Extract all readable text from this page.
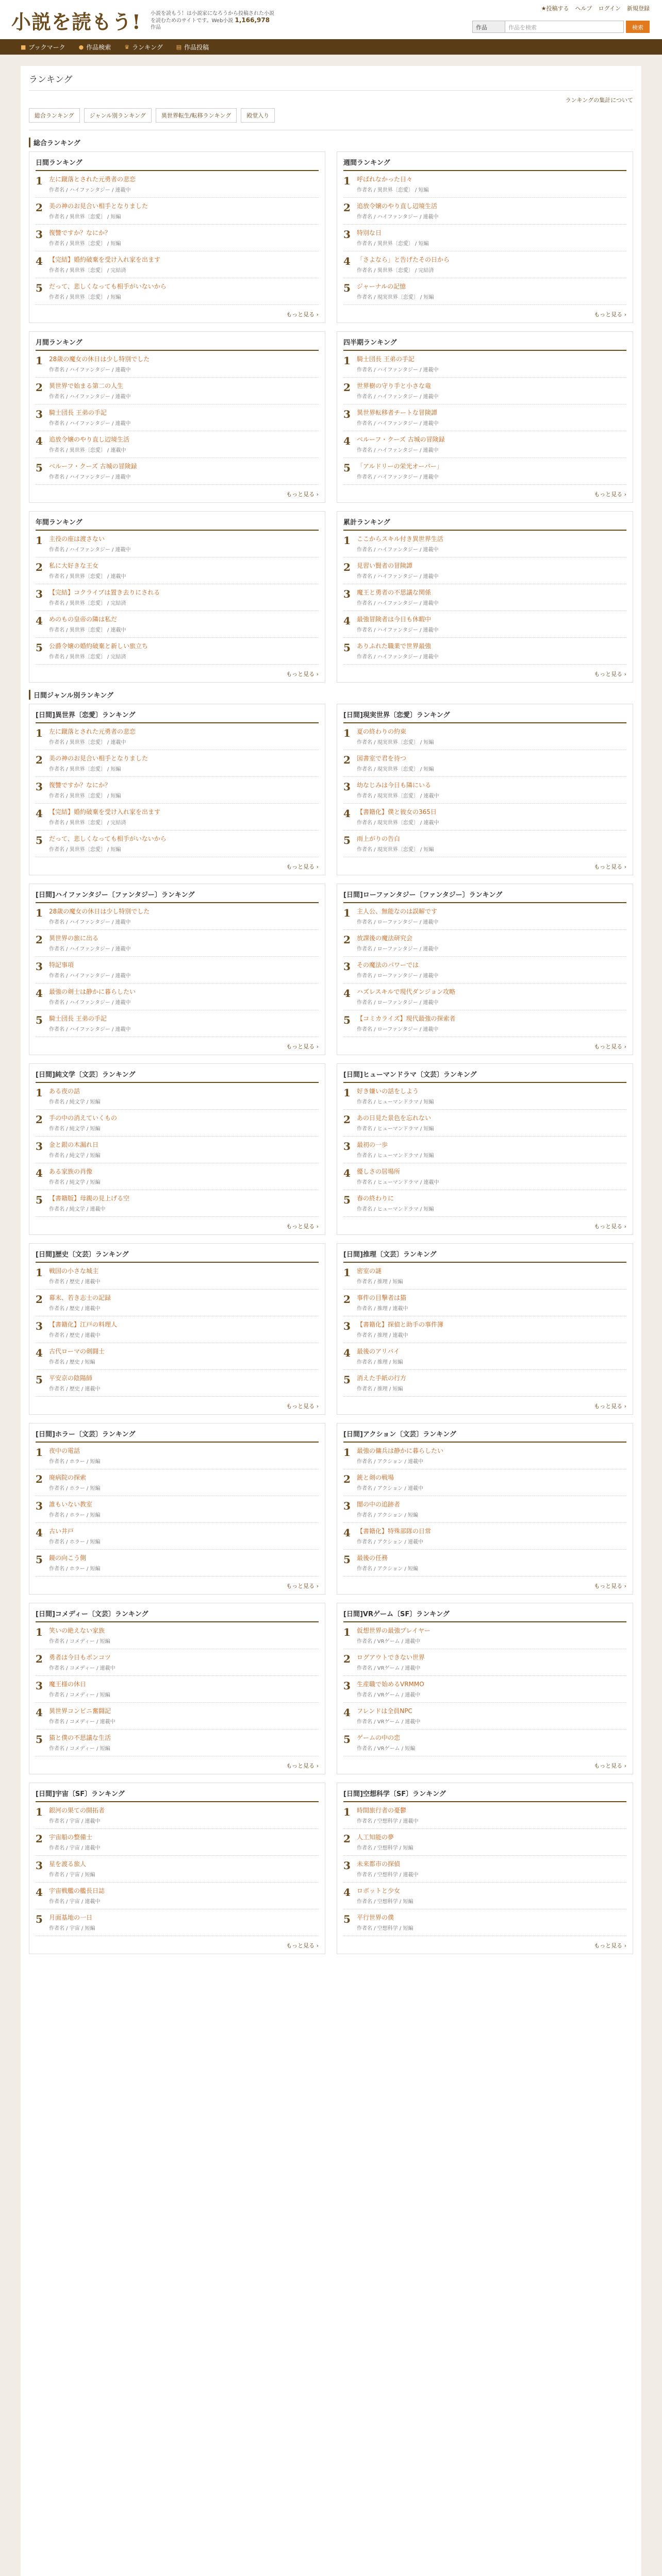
小説を読もう! 小説を読もう！は小説家になろうから投稿された小説を読むためのサイトです。Web小説 1,166,978作品
★投稿する ヘルプ ログイン 新規登録
作品	作品を検索	検索
■ ブックマーク ● 作品検索 ♛ ランキング ▤ 作品投稿
ランキング
ランキングの集計について
総合ランキング	ジャンル別ランキング	異世界転生/転移ランキング	殿堂入り
総合ランキング
日間ランキング
1	左に蹴落とされた元勇者の悲恋
作者名 / ハイファンタジー / 連載中
2	美の神のお見合い相手となりました
作者名 / 異世界〔恋愛〕 / 短編
3	復讐ですか？なにか？
作者名 / 異世界〔恋愛〕 / 短編
4	【完結】婚約破棄を受け入れ家を出ます
作者名 / 異世界〔恋愛〕 / 完結済
5	だって、悲しくなっても相手がいないから
作者名 / 異世界〔恋愛〕 / 短編
もっと見る ›
週間ランキング
1	呼ばれなかった日々
作者名 / 異世界〔恋愛〕 / 短編
2	追放令嬢のやり直し辺境生活
作者名 / ハイファンタジー / 連載中
3	特別な日
作者名 / 異世界〔恋愛〕 / 短編
4	「さよなら」と告げたその日から
作者名 / 異世界〔恋愛〕 / 完結済
5	ジャーナルの記憶
作者名 / 現実世界〔恋愛〕 / 短編
もっと見る ›
月間ランキング
1	28歳の魔女の休日は少し特別でした
作者名 / ハイファンタジー / 連載中
2	異世界で始まる第二の人生
作者名 / ハイファンタジー / 連載中
3	騎士団長 王弟の手記
作者名 / ハイファンタジー / 連載中
4	追放令嬢のやり直し辺境生活
作者名 / 異世界〔恋愛〕 / 連載中
5	ベルーフ・クーズ 古城の冒険録
作者名 / ハイファンタジー / 連載中
もっと見る ›
四半期ランキング
1	騎士団長 王弟の手記
作者名 / ハイファンタジー / 連載中
2	世界樹の守り手と小さな竜
作者名 / ハイファンタジー / 連載中
3	異世界転移者チートな冒険譚
作者名 / ハイファンタジー / 連載中
4	ベルーフ・クーズ 古城の冒険録
作者名 / ハイファンタジー / 連載中
5	「アルドリーの栄光オーバー」
作者名 / ハイファンタジー / 連載中
もっと見る ›
年間ランキング
1	主役の座は渡さない
作者名 / ハイファンタジー / 連載中
2	私に大好きな王女
作者名 / 異世界〔恋愛〕 / 連載中
3	【完結】コクライブは置き去りにされる
作者名 / 異世界〔恋愛〕 / 完結済
4	めのもの皇帝の隣は私だ
作者名 / 異世界〔恋愛〕 / 連載中
5	公爵令嬢の婚約破棄と新しい旅立ち
作者名 / 異世界〔恋愛〕 / 完結済
もっと見る ›
累計ランキング
1	ここからスキル付き異世界生活
作者名 / ハイファンタジー / 連載中
2	見習い賢者の冒険譚
作者名 / ハイファンタジー / 連載中
3	魔王と勇者の不思議な関係
作者名 / ハイファンタジー / 連載中
4	最強冒険者は今日も休暇中
作者名 / ハイファンタジー / 連載中
5	ありふれた職業で世界最強
作者名 / ハイファンタジー / 連載中
もっと見る ›
日間ジャンル別ランキング
[日間]異世界〔恋愛〕ランキング
1	左に蹴落とされた元勇者の悲恋
作者名 / 異世界〔恋愛〕 / 連載中
2	美の神のお見合い相手となりました
作者名 / 異世界〔恋愛〕 / 短編
3	復讐ですか？なにか？
作者名 / 異世界〔恋愛〕 / 短編
4	【完結】婚約破棄を受け入れ家を出ます
作者名 / 異世界〔恋愛〕 / 完結済
5	だって、悲しくなっても相手がいないから
作者名 / 異世界〔恋愛〕 / 短編
もっと見る ›
[日間]現実世界〔恋愛〕ランキング
1	夏の終わりの約束
作者名 / 現実世界〔恋愛〕 / 短編
2	図書室で君を待つ
作者名 / 現実世界〔恋愛〕 / 短編
3	幼なじみは今日も隣にいる
作者名 / 現実世界〔恋愛〕 / 連載中
4	【書籍化】僕と彼女の365日
作者名 / 現実世界〔恋愛〕 / 連載中
5	雨上がりの告白
作者名 / 現実世界〔恋愛〕 / 短編
もっと見る ›
[日間]ハイファンタジー〔ファンタジー〕ランキング
1	28歳の魔女の休日は少し特別でした
作者名 / ハイファンタジー / 連載中
2	異世界の旅に出る
作者名 / ハイファンタジー / 連載中
3	特記事項
作者名 / ハイファンタジー / 連載中
4	最強の剣士は静かに暮らしたい
作者名 / ハイファンタジー / 連載中
5	騎士団長 王弟の手記
作者名 / ハイファンタジー / 連載中
もっと見る ›
[日間]ローファンタジー〔ファンタジー〕ランキング
1	主人公、無能なのは誤解です
作者名 / ローファンタジー / 連載中
2	放課後の魔法研究会
作者名 / ローファンタジー / 連載中
3	その魔法のパワーでは
作者名 / ローファンタジー / 連載中
4	ハズレスキルで現代ダンジョン攻略
作者名 / ローファンタジー / 連載中
5	【コミカライズ】現代最強の探索者
作者名 / ローファンタジー / 連載中
もっと見る ›
[日間]純文学〔文芸〕ランキング
1	ある夜の話
作者名 / 純文学 / 短編
2	手の中の消えていくもの
作者名 / 純文学 / 短編
3	金と銀の木漏れ日
作者名 / 純文学 / 短編
4	ある家族の肖像
作者名 / 純文学 / 短編
5	【書籍版】母親の見上げる空
作者名 / 純文学 / 連載中
もっと見る ›
[日間]ヒューマンドラマ〔文芸〕ランキング
1	好き嫌いの話をしよう
作者名 / ヒューマンドラマ / 短編
2	あの日見た景色を忘れない
作者名 / ヒューマンドラマ / 短編
3	最初の一歩
作者名 / ヒューマンドラマ / 短編
4	優しさの居場所
作者名 / ヒューマンドラマ / 連載中
5	春の終わりに
作者名 / ヒューマンドラマ / 短編
もっと見る ›
[日間]歴史〔文芸〕ランキング
1	戦国の小さな城主
作者名 / 歴史 / 連載中
2	幕末、若き志士の記録
作者名 / 歴史 / 連載中
3	【書籍化】江戸の料理人
作者名 / 歴史 / 連載中
4	古代ローマの剣闘士
作者名 / 歴史 / 短編
5	平安京の陰陽師
作者名 / 歴史 / 連載中
もっと見る ›
[日間]推理〔文芸〕ランキング
1	密室の謎
作者名 / 推理 / 短編
2	事件の目撃者は猫
作者名 / 推理 / 連載中
3	【書籍化】探偵と助手の事件簿
作者名 / 推理 / 連載中
4	最後のアリバイ
作者名 / 推理 / 短編
5	消えた手紙の行方
作者名 / 推理 / 短編
もっと見る ›
[日間]ホラー〔文芸〕ランキング
1	夜中の電話
作者名 / ホラー / 短編
2	廃病院の探索
作者名 / ホラー / 短編
3	誰もいない教室
作者名 / ホラー / 短編
4	古い井戸
作者名 / ホラー / 短編
5	鏡の向こう側
作者名 / ホラー / 短編
もっと見る ›
[日間]アクション〔文芸〕ランキング
1	最強の傭兵は静かに暮らしたい
作者名 / アクション / 連載中
2	銃と剣の戦場
作者名 / アクション / 連載中
3	闇の中の追跡者
作者名 / アクション / 短編
4	【書籍化】特殊部隊の日常
作者名 / アクション / 連載中
5	最後の任務
作者名 / アクション / 短編
もっと見る ›
[日間]コメディー〔文芸〕ランキング
1	笑いの絶えない家族
作者名 / コメディー / 短編
2	勇者は今日もポンコツ
作者名 / コメディー / 連載中
3	魔王様の休日
作者名 / コメディー / 短編
4	異世界コンビニ奮闘記
作者名 / コメディー / 連載中
5	猫と僕の不思議な生活
作者名 / コメディー / 短編
もっと見る ›
[日間]VRゲーム〔SF〕ランキング
1	仮想世界の最強プレイヤー
作者名 / VRゲーム / 連載中
2	ログアウトできない世界
作者名 / VRゲーム / 連載中
3	生産職で始めるVRMMO
作者名 / VRゲーム / 連載中
4	フレンドは全員NPC
作者名 / VRゲーム / 連載中
5	ゲームの中の恋
作者名 / VRゲーム / 短編
もっと見る ›
[日間]宇宙〔SF〕ランキング
1	銀河の果ての開拓者
作者名 / 宇宙 / 連載中
2	宇宙船の整備士
作者名 / 宇宙 / 連載中
3	星を渡る旅人
作者名 / 宇宙 / 短編
4	宇宙戦艦の艦長日誌
作者名 / 宇宙 / 連載中
5	月面基地の一日
作者名 / 宇宙 / 短編
もっと見る ›
[日間]空想科学〔SF〕ランキング
1	時間旅行者の憂鬱
作者名 / 空想科学 / 連載中
2	人工知能の夢
作者名 / 空想科学 / 短編
3	未来都市の探偵
作者名 / 空想科学 / 連載中
4	ロボットと少女
作者名 / 空想科学 / 短編
5	平行世界の僕
作者名 / 空想科学 / 短編
もっと見る ›
